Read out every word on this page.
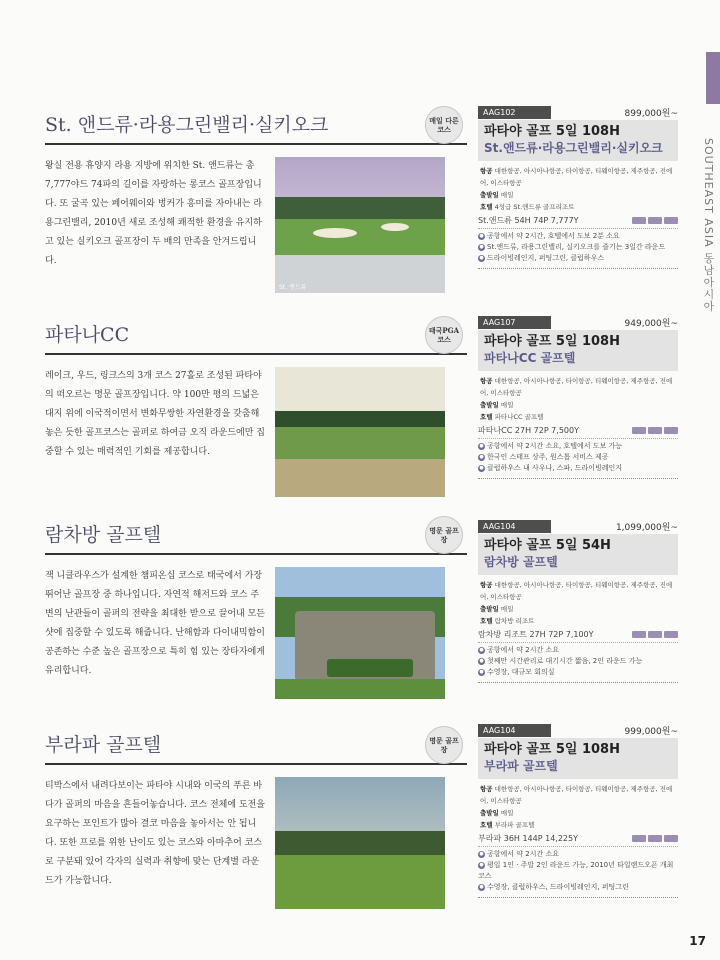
SOUTHEAST ASIA 동남아시아
17
St. 앤드류·라용그린밸리·실키오크	매일 다른 코스
왕실 전용 휴양지 라용 지방에 위치한 St. 앤드류는 총 7,777야드 74파의 길이를 자랑하는 롱코스 골프장입니다. 또 굴곡 있는 페어웨이와 벙커가 흥미를 자아내는 라용그린밸리, 2010년 새로 조성해 쾌적한 환경을 유지하고 있는 실키오크 골프장이 두 배의 만족을 안겨드립니다.
St. 앤드류
파타나CC	태국PGA 코스
레이크, 우드, 링크스의 3개 코스 27홀로 조성된 파타야의 떠오르는 명문 골프장입니다. 약 100만 평의 드넓은 대지 위에 이국적이면서 변화무쌍한 자연환경을 갖춤해놓은 듯한 골프코스는 골퍼로 하여금 오직 라운드에만 집중할 수 있는 매력적인 기회를 제공합니다.
람차방 골프텔	명문 골프장
잭 니클라우스가 설계한 챔피온십 코스로 태국에서 가장 뛰어난 골프장 중 하나입니다. 자연적 해저드와 코스 주변의 난관들이 골퍼의 전략을 최대한 받으로 끌어내 모든 샷에 집중할 수 있도록 해줍니다. 난해함과 다이내믹함이 공존하는 수준 높은 골프장으로 특히 힘 있는 장타자에게 유리합니다.
부라파 골프텔	명문 골프장
티박스에서 내려다보이는 파타야 시내와 이국의 푸른 바다가 골퍼의 마음을 흔들어놓습니다. 코스 전체에 도전을 요구하는 포인트가 많아 결코 마음을 놓아서는 안 됩니다. 또한 프로를 위한 난이도 있는 코스와 아마추어 코스로 구분돼 있어 각자의 실력과 취향에 맞는 단계별 라운드가 가능합니다.
AAG102	899,000원~
파타야 골프 5일 108H
St.앤드류·라용그린밸리·실키오크
항공 대한항공, 아시아나항공, 타이항공, 티웨이항공, 제주항공, 진에어, 이스타항공
출발일 매일
호텔 4성급 St.앤드류 골프리조트
St.앤드류 54H 74P 7,777Y
● 공항에서 약 2시간, 호텔에서 도보 2분 소요
● St.앤드류, 라용그린밸리, 실키오크를 즐기는 3일간 라운드
● 드라이빙레인지, 퍼팅그린, 클럽하우스
AAG107	949,000원~
파타야 골프 5일 108H
파타나CC 골프텔
항공 대한항공, 아시아나항공, 타이항공, 티웨이항공, 제주항공, 진에어, 이스타항공
출발일 매일
호텔 파타나CC 골프텔
파타나CC 27H 72P 7,500Y
● 공항에서 약 2시간 소요, 호텔에서 도보 가능
● 한국인 스태프 상주, 원스톱 서비스 제공
● 클럽하우스 내 사우나, 스파, 드라이빙레인지
AAG104	1,099,000원~
파타야 골프 5일 54H
람차방 골프텔
항공 대한항공, 아시아나항공, 타이항공, 티웨이항공, 제주항공, 진에어, 이스타항공
출발일 매일
호텔 람차방 리조트
람차방 리조트 27H 72P 7,100Y
● 공항에서 약 2시간 소요
● 첫째만 시간관리로 대기시간 짧음, 2인 라운드 가능
● 수영장, 대규모 회의실
AAG104	999,000원~
파타야 골프 5일 108H
부라파 골프텔
항공 대한항공, 아시아나항공, 타이항공, 티웨이항공, 제주항공, 진에어, 이스타항공
출발일 매일
호텔 부라파 골프텔
부라파 36H 144P 14,225Y
● 공항에서 약 2시간 소요
● 평일 1인 · 주말 2인 라운드 가능, 2010년 타일랜드오픈 개최 코스
● 수영장, 클럽하우스, 드라이빙레인지, 퍼팅그린
